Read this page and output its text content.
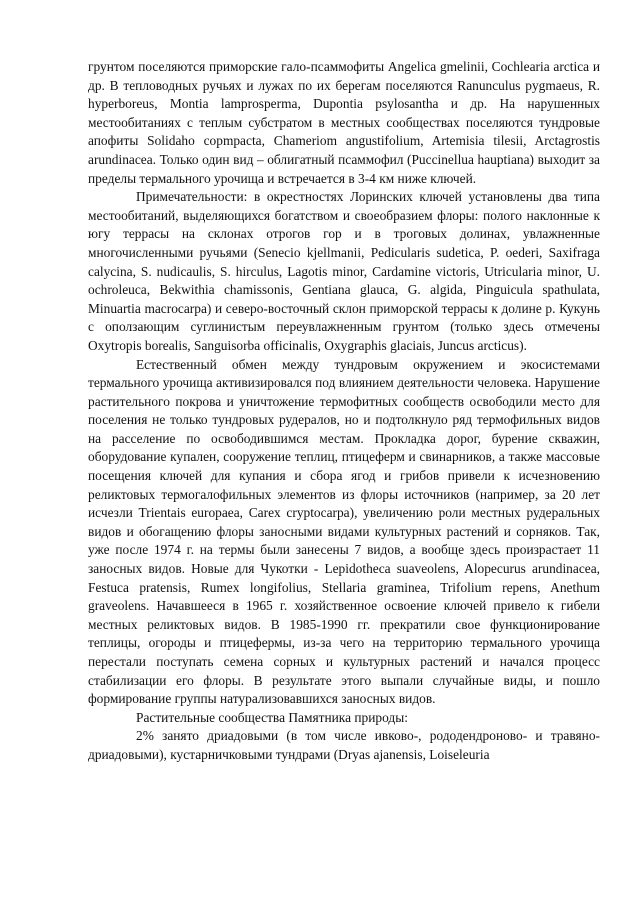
грунтом поселяются приморские гало-псаммофиты Angelica gmelinii, Cochlearia arctica и др. В тепловодных ручьях и лужах по их берегам поселяются Ranunculus pygmaeus, R. hyperboreus, Montia lamprosperma, Dupontia psylosantha и др. На нарушенных местообитаниях с теплым субстратом в местных сообществах поселяются тундровые апофиты Solidaho copmpacta, Chameriom angustifolium, Artemisia tilesii, Arctagrostis arundinacea. Только один вид – облигатный псаммофил (Puccinellua hauptiana) выходит за пределы термального урочища и встречается в 3-4 км ниже ключей.

Примечательности: в окрестностях Лоринских ключей установлены два типа местообитаний, выделяющихся богатством и своеобразием флоры: полого наклонные к югу террасы на склонах отрогов гор и в троговых долинах, увлажненные многочисленными ручьями (Senecio kjellmanii, Pedicularis sudetica, P. oederi, Saxifraga calycina, S. nudicaulis, S. hirculus, Lagotis minor, Cardamine victoris, Utricularia minor, U. ochroleuca, Bekwithia chamissonis, Gentiana glauca, G. algida, Pinguicula spathulata, Minuartia macrocarpa) и северо-восточный склон приморской террасы к долине р. Кукунь с оползающим суглинистым переувлажненным грунтом (только здесь отмечены Oxytropis borealis, Sanguisorba officinalis, Oxygraphis glaciais, Juncus arcticus).

Естественный обмен между тундровым окружением и экосистемами термального урочища активизировался под влиянием деятельности человека. Нарушение растительного покрова и уничтожение термофитных сообществ освободили место для поселения не только тундровых рудералов, но и подтолкнуло ряд термофильных видов на расселение по освободившимся местам. Прокладка дорог, бурение скважин, оборудование купален, сооружение теплиц, птицеферм и свинарников, а также массовые посещения ключей для купания и сбора ягод и грибов привели к исчезновению реликтовых термогалофильных элементов из флоры источников (например, за 20 лет исчезли Trientais europaea, Carex cryptocarpa), увеличению роли местных рудеральных видов и обогащению флоры заносными видами культурных растений и сорняков. Так, уже после 1974 г. на термы были занесены 7 видов, а вообще здесь произрастает 11 заносных видов. Новые для Чукотки - Lepidotheca suaveolens, Alopecurus arundinacea, Festuca pratensis, Rumex longifolius, Stellaria graminea, Trifolium repens, Anethum graveolens. Начавшееся в 1965 г. хозяйственное освоение ключей привело к гибели местных реликтовых видов. В 1985-1990 гг. прекратили свое функционирование теплицы, огороды и птицефермы, из-за чего на территорию термального урочища перестали поступать семена сорных и культурных растений и начался процесс стабилизации его флоры. В результате этого выпали случайные виды, и пошло формирование группы натурализовавшихся заносных видов.

Растительные сообщества Памятника природы:

2% занято дриадовыми (в том числе ивково-, рододендроново- и травяно-дриадовыми), кустарничковыми тундрами (Dryas ajanensis, Loiseleuria
